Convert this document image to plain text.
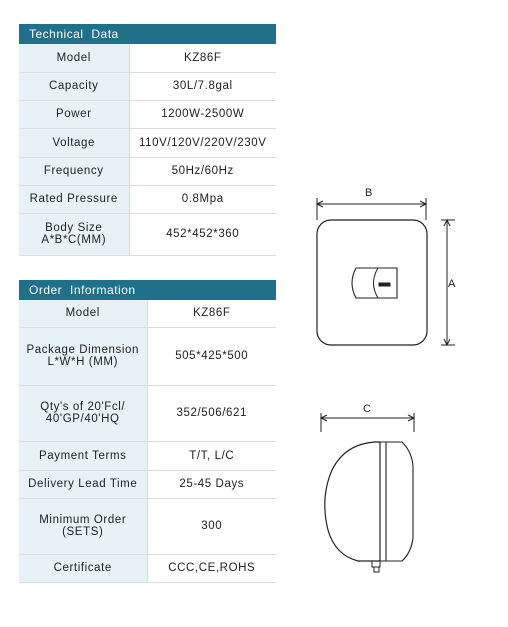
Technical Data
Model	KZ86F
Capacity	30L/7.8gal
Power	1200W-2500W
Voltage	110V/120V/220V/230V
Frequency	50Hz/60Hz
Rated Pressure	0.8Mpa
Body Size
A*B*C(MM)	452*452*360
Order Information
Model	KZ86F
Package Dimension
L*W*H (MM)	505*425*500
Qty's of 20'Fcl/
40'GP/40'HQ	352/506/621
Payment Terms	T/T, L/C
Delivery Lead Time	25-45 Days
Minimum Order
(SETS)	300
Certificate	CCC,CE,ROHS
B
A
C
